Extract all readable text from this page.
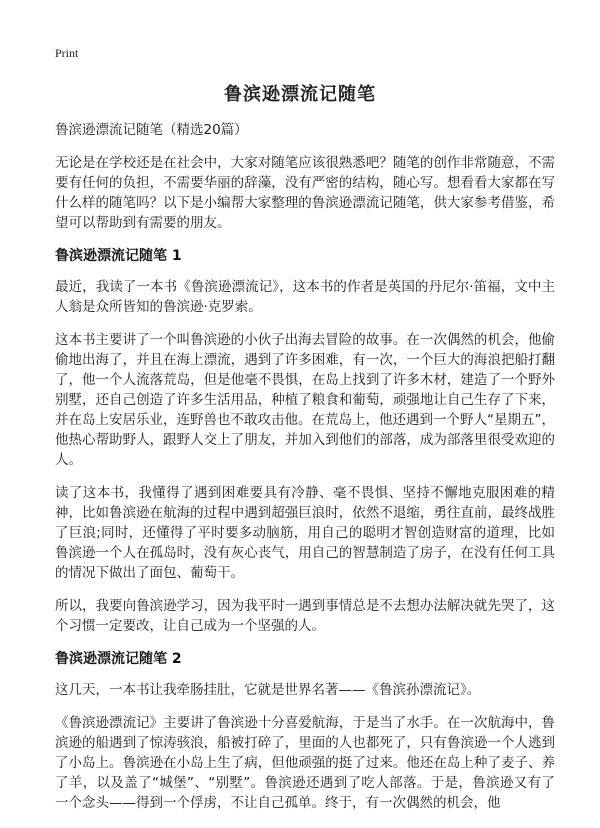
Print
鲁滨逊漂流记随笔

鲁滨逊漂流记随笔（精选20篇）

无论是在学校还是在社会中，大家对随笔应该很熟悉吧？随笔的创作非常随意，不需要有任何的负担，不需要华丽的辞藻，没有严密的结构，随心写。想看看大家都在写什么样的随笔吗？以下是小编帮大家整理的鲁滨逊漂流记随笔，供大家参考借鉴，希望可以帮助到有需要的朋友。

鲁滨逊漂流记随笔 1

最近，我读了一本书《鲁滨逊漂流记》，这本书的作者是英国的丹尼尔·笛福，文中主人翁是众所皆知的鲁滨逊·克罗索。

这本书主要讲了一个叫鲁滨逊的小伙子出海去冒险的故事。在一次偶然的机会，他偷偷地出海了，并且在海上漂流，遇到了许多困难，有一次，一个巨大的海浪把船打翻了，他一个人流落荒岛，但是他毫不畏惧，在岛上找到了许多木材，建造了一个野外别墅，还自己创造了许多生活用品，种植了粮食和葡萄，顽强地让自己生存了下来，并在岛上安居乐业，连野兽也不敢攻击他。在荒岛上，他还遇到一个野人“星期五”，他热心帮助野人，跟野人交上了朋友，并加入到他们的部落，成为部落里很受欢迎的人。

读了这本书，我懂得了遇到困难要具有冷静、毫不畏惧、坚持不懈地克服困难的精神，比如鲁滨逊在航海的过程中遇到超强巨浪时，依然不退缩，勇往直前，最终战胜了巨浪;同时，还懂得了平时要多动脑筋，用自己的聪明才智创造财富的道理，比如鲁滨逊一个人在孤岛时，没有灰心丧气，用自己的智慧制造了房子，在没有任何工具的情况下做出了面包、葡萄干。

所以，我要向鲁滨逊学习，因为我平时一遇到事情总是不去想办法解决就先哭了，这个习惯一定要改，让自己成为一个坚强的人。

鲁滨逊漂流记随笔 2

这几天，一本书让我牵肠挂肚，它就是世界名著——《鲁滨孙漂流记》。

《鲁滨逊漂流记》主要讲了鲁滨逊十分喜爱航海，于是当了水手。在一次航海中，鲁滨逊的船遇到了惊涛骇浪，船被打碎了，里面的人也都死了，只有鲁滨逊一个人逃到了小岛上。鲁滨逊在小岛上生了病，但他顽强的挺了过来。他还在岛上种了麦子、养了羊，以及盖了“城堡”、“别墅”。鲁滨逊还遇到了吃人部落。于是，鲁滨逊又有了一个念头——得到一个俘虏，不让自己孤单。终于，有一次偶然的机会，他
